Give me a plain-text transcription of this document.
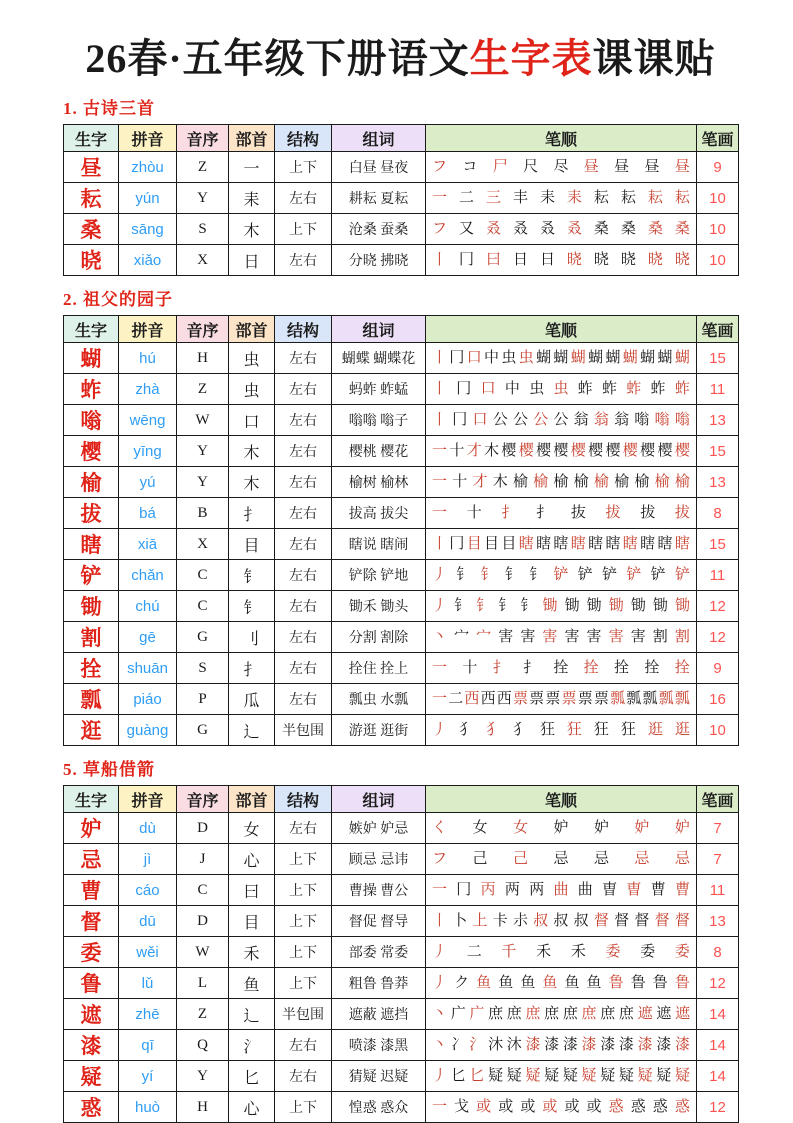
26春·五年级下册语文生字表课课贴
1. 古诗三首
生字	拼音	音序	部首	结构	组词	笔顺	笔画
昼	zhòu	Z	一	上下	白昼 昼夜	フ コ 尸 尺 尽 昼 昼 昼 昼	9
耘	yún	Y	耒	左右	耕耘 夏耘	一 二 三 丰 耒 耒 耘 耘 耘 耘	10
桑	sāng	S	木	上下	沧桑 蚕桑	フ 又 叒 叒 叒 叒 桑 桑 桑 桑	10
晓	xiǎo	X	日	左右	分晓 拂晓	丨 冂 曰 日 日 晓 晓 晓 晓 晓	10
2. 祖父的园子
生字	拼音	音序	部首	结构	组词	笔顺	笔画
蝴	hú	H	虫	左右	蝴蝶 蝴蝶花	丨 冂 口 中 虫 虫 蝴 蝴 蝴 蝴 蝴 蝴 蝴 蝴 蝴	15
蚱	zhà	Z	虫	左右	蚂蚱 蚱蜢	丨 冂 口 中 虫 虫 蚱 蚱 蚱 蚱 蚱	11
嗡	wēng	W	口	左右	嗡嗡 嗡子	丨 冂 口 公 公 公 公 翁 翁 翁 嗡 嗡 嗡	13
樱	yīng	Y	木	左右	樱桃 樱花	一 十 才 木 樱 樱 樱 樱 樱 樱 樱 樱 樱 樱 樱	15
榆	yú	Y	木	左右	榆树 榆林	一 十 才 木 榆 榆 榆 榆 榆 榆 榆 榆 榆	13
拔	bá	B	扌	左右	拔高 拔尖	一 十 扌 扌 抜 拔 拔 拔	8
瞎	xiā	X	目	左右	瞎说 瞎闹	丨 冂 目 目 目 瞎 瞎 瞎 瞎 瞎 瞎 瞎 瞎 瞎 瞎	15
铲	chǎn	C	钅	左右	铲除 铲地	丿 钅 钅 钅 钅 铲 铲 铲 铲 铲 铲	11
锄	chú	C	钅	左右	锄禾 锄头	丿 钅 钅 钅 钅 锄 锄 锄 锄 锄 锄 锄	12
割	gē	G	刂	左右	分割 割除	丶 宀 宀 害 害 害 害 害 害 害 割 割	12
拴	shuān	S	扌	左右	拴住 拴上	一 十 扌 扌 拴 拴 拴 拴 拴	9
瓢	piáo	P	瓜	左右	瓢虫 水瓢	一 二 西 西 西 票 票 票 票 票 票 瓢 瓢 瓢 瓢 瓢	16
逛	guàng	G	辶	半包围	游逛 逛街	丿 犭 犭 犭 狂 狂 狂 狂 逛 逛	10
5. 草船借箭
生字	拼音	音序	部首	结构	组词	笔顺	笔画
妒	dù	D	女	左右	嫉妒 妒忌	く 女 女 妒 妒 妒 妒	7
忌	jì	J	心	上下	顾忌 忌讳	フ 己 己 忌 忌 忌 忌	7
曹	cáo	C	曰	上下	曹操 曹公	一 冂 丙 两 两 曲 曲 曺 曺 曹 曹	11
督	dū	D	目	上下	督促 督导	丨 卜 上 卡 尗 叔 叔 叔 督 督 督 督 督	13
委	wěi	W	禾	上下	部委 常委	丿 二 千 禾 禾 委 委 委	8
鲁	lǔ	L	鱼	上下	粗鲁 鲁莽	丿 ク 鱼 鱼 鱼 鱼 鱼 鱼 鲁 鲁 鲁 鲁	12
遮	zhē	Z	辶	半包围	遮蔽 遮挡	丶 广 广 庶 庶 庶 庶 庶 庶 庶 庶 遮 遮 遮	14
漆	qī	Q	氵	左右	喷漆 漆黑	丶 冫 氵 沐 沐 漆 漆 漆 漆 漆 漆 漆 漆 漆	14
疑	yí	Y	匕	左右	猜疑 迟疑	丿 匕 匕 疑 疑 疑 疑 疑 疑 疑 疑 疑 疑 疑	14
惑	huò	H	心	上下	惶惑 惑众	一 戈 或 或 或 或 或 或 惑 惑 惑 惑	12
